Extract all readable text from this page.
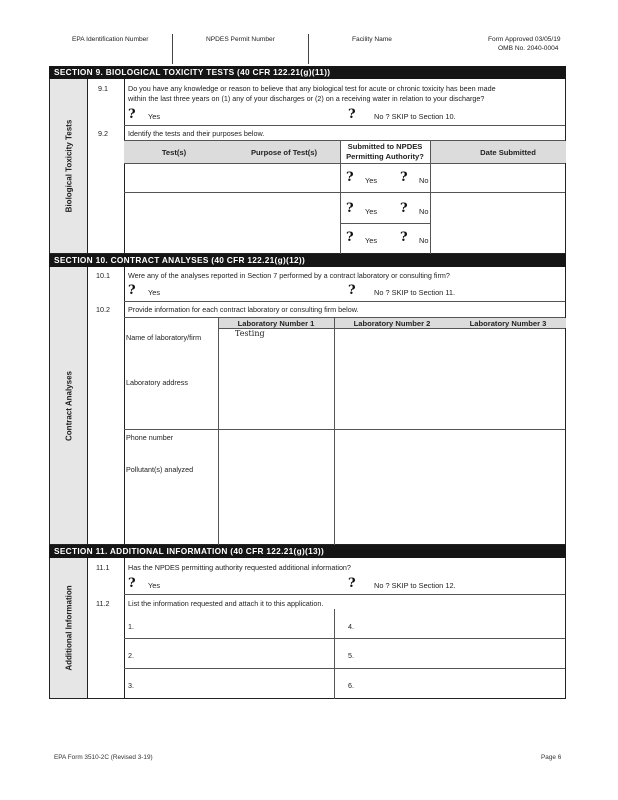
EPA Identification Number	NPDES Permit Number	Facility Name	Form Approved 03/05/19
OMB No. 2040-0004
SECTION 9. BIOLOGICAL TOXICITY TESTS (40 CFR 122.21(g)(11))
Biological Toxicity Tests
9.1	Do you have any knowledge or reason to believe that any biological test for acute or chronic toxicity has been made
within the last three years on (1) any of your discharges or (2) on a receiving water in relation to your discharge?
? Yes	? No ? SKIP to Section 10.
9.2	Identify the tests and their purposes below.
Test(s)	Purpose of Test(s)
Submitted to NPDES
Permitting Authority?	Date Submitted
? Yes ? No
? Yes ? No
? Yes ? No
SECTION 10. CONTRACT ANALYSES (40 CFR 122.21(g)(12))
Contract Analyses
10.1	Were any of the analyses reported in Section 7 performed by a contract laboratory or consulting firm?
? Yes	? No ? SKIP to Section 11.
10.2	Provide information for each contract laboratory or consulting firm below.
Laboratory Number 1	Laboratory Number 2	Laboratory Number 3
Name of laboratory/firm	Testing
Laboratory address
Phone number
Pollutant(s) analyzed
SECTION 11. ADDITIONAL INFORMATION (40 CFR 122.21(g)(13))
Additional Information
11.1	Has the NPDES permitting authority requested additional information?
? Yes	? No ? SKIP to Section 12.
11.2	List the information requested and attach it to this application.
1.	4.
2.	5.
3.	6.
EPA Form 3510-2C (Revised 3-19)	Page 6
